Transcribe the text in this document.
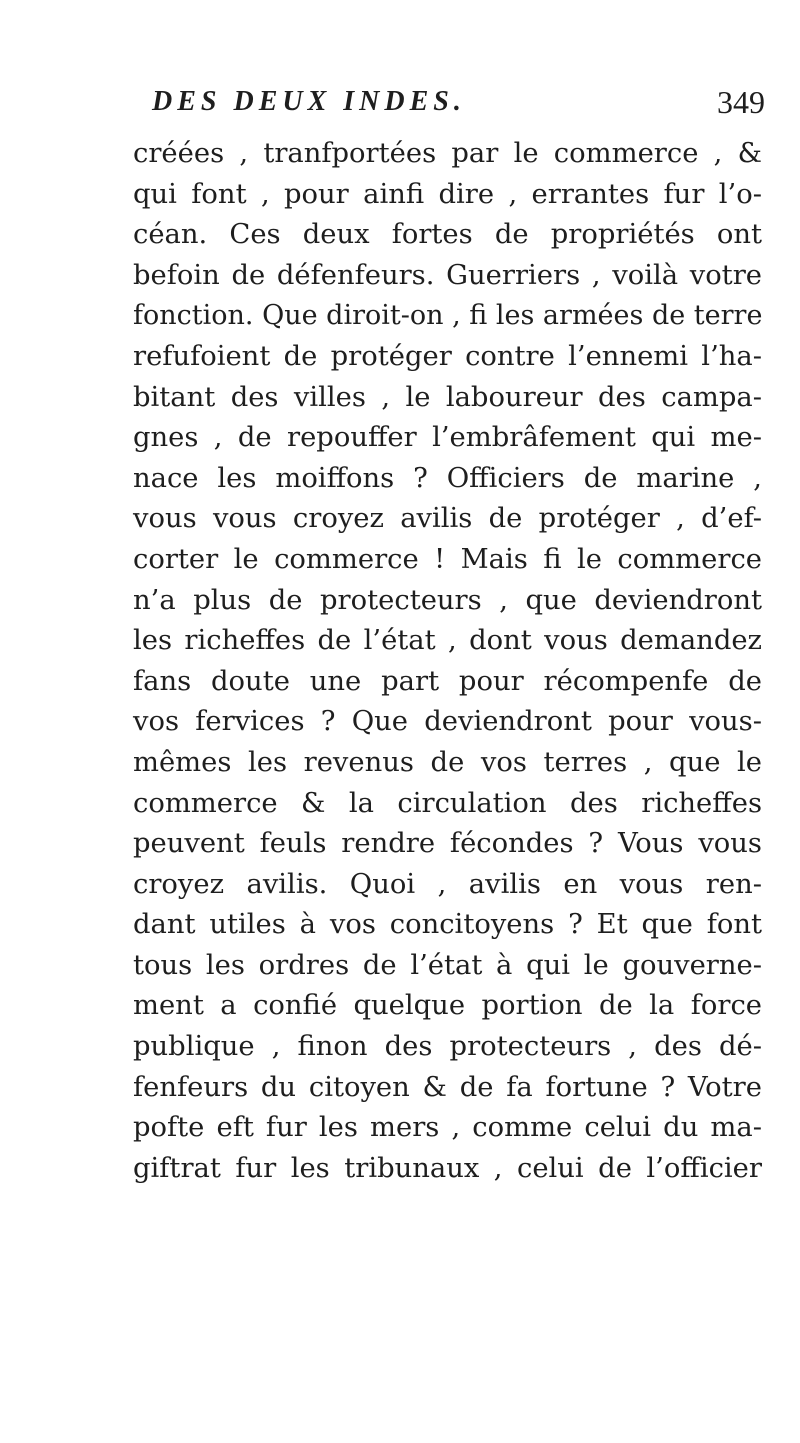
DES DEUX INDES.	349
créées , tranfportées par le commerce , &
qui font , pour ainfi dire , errantes fur l’o-
céan. Ces deux fortes de propriétés ont
befoin de défenfeurs. Guerriers , voilà votre
fonction. Que diroit-on , fi les armées de terre
refufoient de protéger contre l’ennemi l’ha-
bitant des villes , le laboureur des campa-
gnes , de repouffer l’embrâfement qui me-
nace les moiffons ? Officiers de marine ,
vous vous croyez avilis de protéger , d’ef-
corter le commerce ! Mais fi le commerce
n’a plus de protecteurs , que deviendront
les richeffes de l’état , dont vous demandez
fans doute une part pour récompenfe de
vos fervices ? Que deviendront pour vous-
mêmes les revenus de vos terres , que le
commerce & la circulation des richeffes
peuvent feuls rendre fécondes ? Vous vous
croyez avilis. Quoi , avilis en vous ren-
dant utiles à vos concitoyens ? Et que font
tous les ordres de l’état à qui le gouverne-
ment a confié quelque portion de la force
publique , finon des protecteurs , des dé-
fenfeurs du citoyen & de fa fortune ? Votre
pofte eft fur les mers , comme celui du ma-
giftrat fur les tribunaux , celui de l’officier
